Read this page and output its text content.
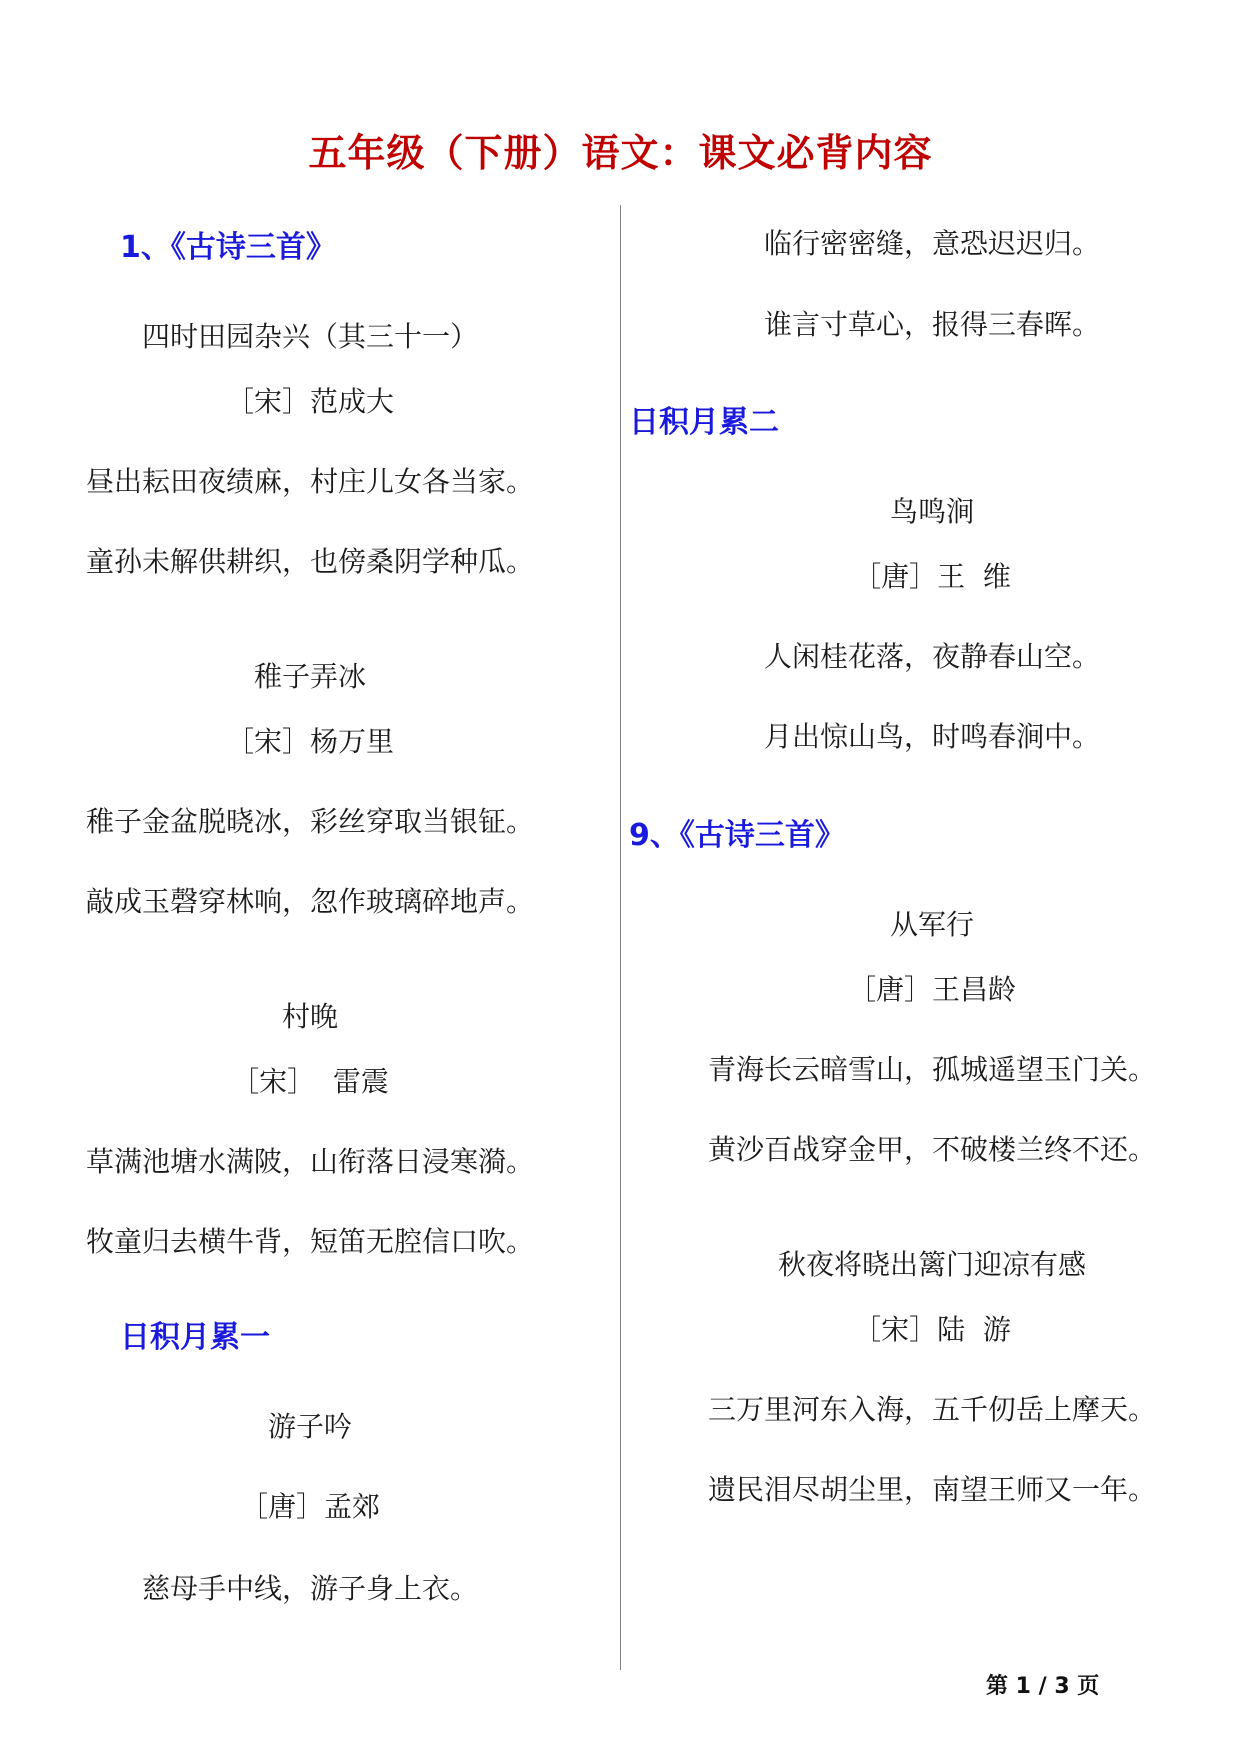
五年级（下册）语文：课文必背内容
1、《古诗三首》
四时田园杂兴（其三十一）
［宋］范成大
昼出耘田夜绩麻，村庄儿女各当家。
童孙未解供耕织，也傍桑阴学种瓜。
稚子弄冰
［宋］杨万里
稚子金盆脱晓冰，彩丝穿取当银钲。
敲成玉磬穿林响，忽作玻璃碎地声。
村晚
［宋］  雷震
草满池塘水满陂，山衔落日浸寒漪。
牧童归去横牛背，短笛无腔信口吹。
日积月累一
游子吟
［唐］孟郊
慈母手中线，游子身上衣。
临行密密缝，意恐迟迟归。
谁言寸草心，报得三春晖。
日积月累二
鸟鸣涧
［唐］王  维
人闲桂花落，夜静春山空。
月出惊山鸟，时鸣春涧中。
9、《古诗三首》
从军行
［唐］王昌龄
青海长云暗雪山，孤城遥望玉门关。
黄沙百战穿金甲，不破楼兰终不还。
秋夜将晓出篱门迎凉有感
［宋］陆  游
三万里河东入海，五千仞岳上摩天。
遗民泪尽胡尘里，南望王师又一年。
第 1 / 3 页
